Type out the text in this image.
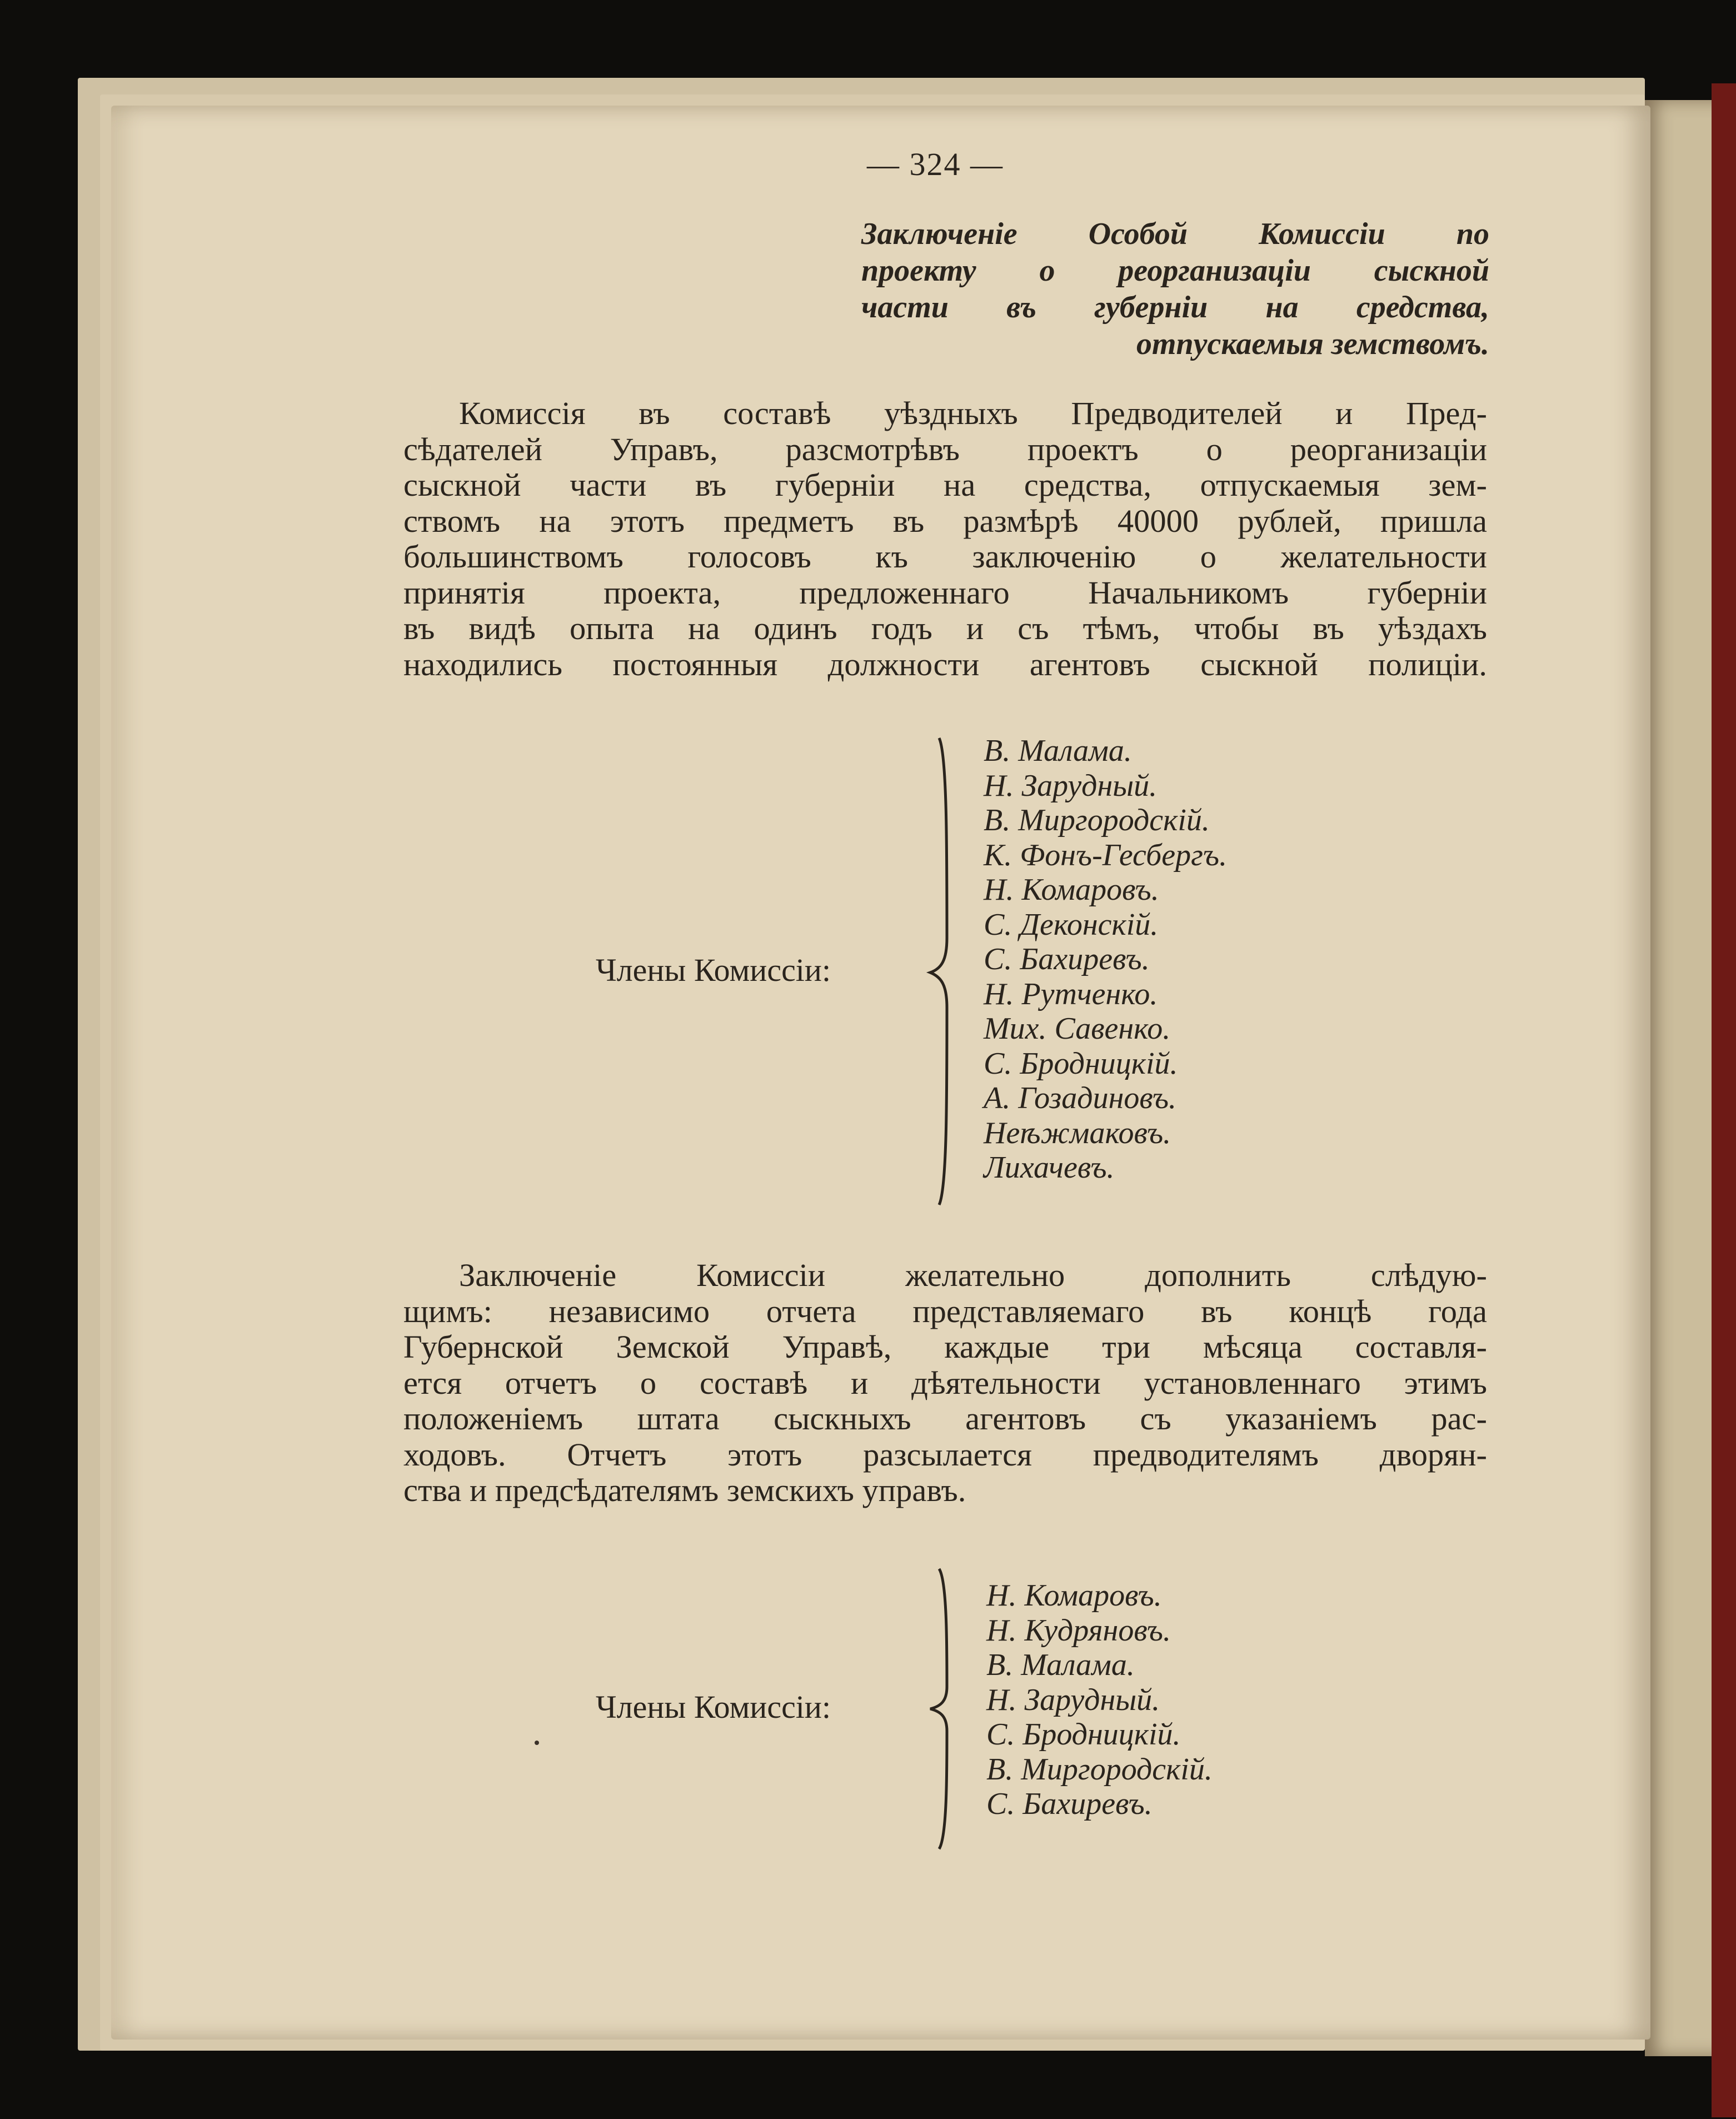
— 324 —
Заключеніе Особой Комиссіи по
проекту о реорганизаціи сыскной
части въ губерніи на средства,
отпускаемыя земствомъ.
Комиссія въ составѣ уѣздныхъ Предводителей и Пред-
сѣдателей Управъ, разсмотрѣвъ проектъ о реорганизаціи
сыскной части въ губерніи на средства, отпускаемыя зем-
ствомъ на этотъ предметъ въ размѣрѣ 40000 рублей, пришла
большинствомъ голосовъ къ заключенію о желательности
принятія проекта, предложеннаго Начальникомъ губерніи
въ видѣ опыта на одинъ годъ и съ тѣмъ, чтобы въ уѣздахъ
находились постоянныя должности агентовъ сыскной полиціи.
Члены Комиссіи:
В. Малама.
Н. Зарудный.
В. Миргородскій.
К. Фонъ-Гесбергъ.
Н. Комаровъ.
С. Деконскій.
С. Бахиревъ.
Н. Рутченко.
Мих. Савенко.
С. Бродницкій.
А. Гозадиновъ.
Неѣжмаковъ.
Лихачевъ.
Заключеніе Комиссіи желательно дополнить слѣдую-
щимъ: независимо отчета представляемаго въ концѣ года
Губернской Земской Управѣ, каждые три мѣсяца составля-
ется отчетъ о составѣ и дѣятельности установленнаго этимъ
положеніемъ штата сыскныхъ агентовъ съ указаніемъ рас-
ходовъ. Отчетъ этотъ разсылается предводителямъ дворян-
ства и предсѣдателямъ земскихъ управъ.
Члены Комиссіи:
Н. Комаровъ.
Н. Кудряновъ.
В. Малама.
Н. Зарудный.
С. Бродницкій.
В. Миргородскій.
С. Бахиревъ.
